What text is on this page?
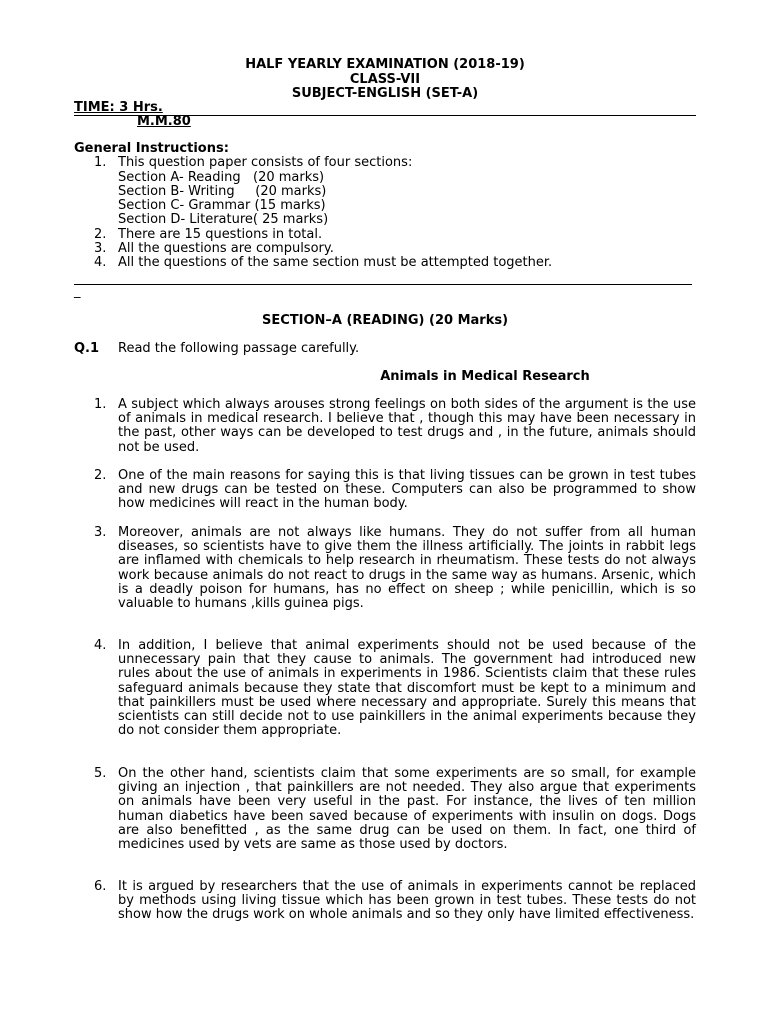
HALF YEARLY EXAMINATION (2018-19)
CLASS-VII
SUBJECT-ENGLISH (SET-A)
TIME: 3 Hrs.
M.M.80
General Instructions:
1. This question paper consists of four sections:
Section A- Reading   (20 marks)
Section B- Writing     (20 marks)
Section C- Grammar (15 marks)
Section D- Literature( 25 marks)
2. There are 15 questions in total.
3. All the questions are compulsory.
4. All the questions of the same section must be attempted together.
_
SECTION–A (READING) (20 Marks)
Q.1 Read the following passage carefully.
Animals in Medical Research
1. A subject which always arouses strong feelings on both sides of the argument is the use of animals in medical research. I believe that , though this may have been necessary in the past, other ways can be developed to test drugs and , in the future, animals should not be used.
2. One of the main reasons for saying this is that living tissues can be grown in test tubes and new drugs can be tested on these. Computers can also be programmed to show how medicines will react in the human body.
3. Moreover, animals are not always like humans. They do not suffer from all human diseases, so scientists have to give them the illness artificially. The joints in rabbit legs are inflamed with chemicals to help research in rheumatism. These tests do not always work because animals do not react to drugs in the same way as humans. Arsenic, which is a deadly poison for humans, has no effect on sheep ; while penicillin, which is so valuable to humans ,kills guinea pigs.
4. In addition, I believe that animal experiments should not be used because of the unnecessary pain that they cause to animals. The government had introduced new rules about the use of animals in experiments in 1986. Scientists claim that these rules safeguard animals because they state that discomfort must be kept to a minimum and that painkillers must be used where necessary and appropriate. Surely this means that scientists can still decide not to use painkillers in the animal experiments because they do not consider them appropriate.
5. On the other hand, scientists claim that some experiments are so small, for example giving an injection , that painkillers are not needed. They also argue that experiments on animals have been very useful in the past. For instance, the lives of ten million human diabetics have been saved because of experiments with insulin on dogs. Dogs are also benefitted , as the same drug can be used on them. In fact, one third of medicines used by vets are same as those used by doctors.
6. It is argued by researchers that the use of animals in experiments cannot be replaced by methods using living tissue which has been grown in test tubes. These tests do not show how the drugs work on whole animals and so they only have limited effectiveness.
